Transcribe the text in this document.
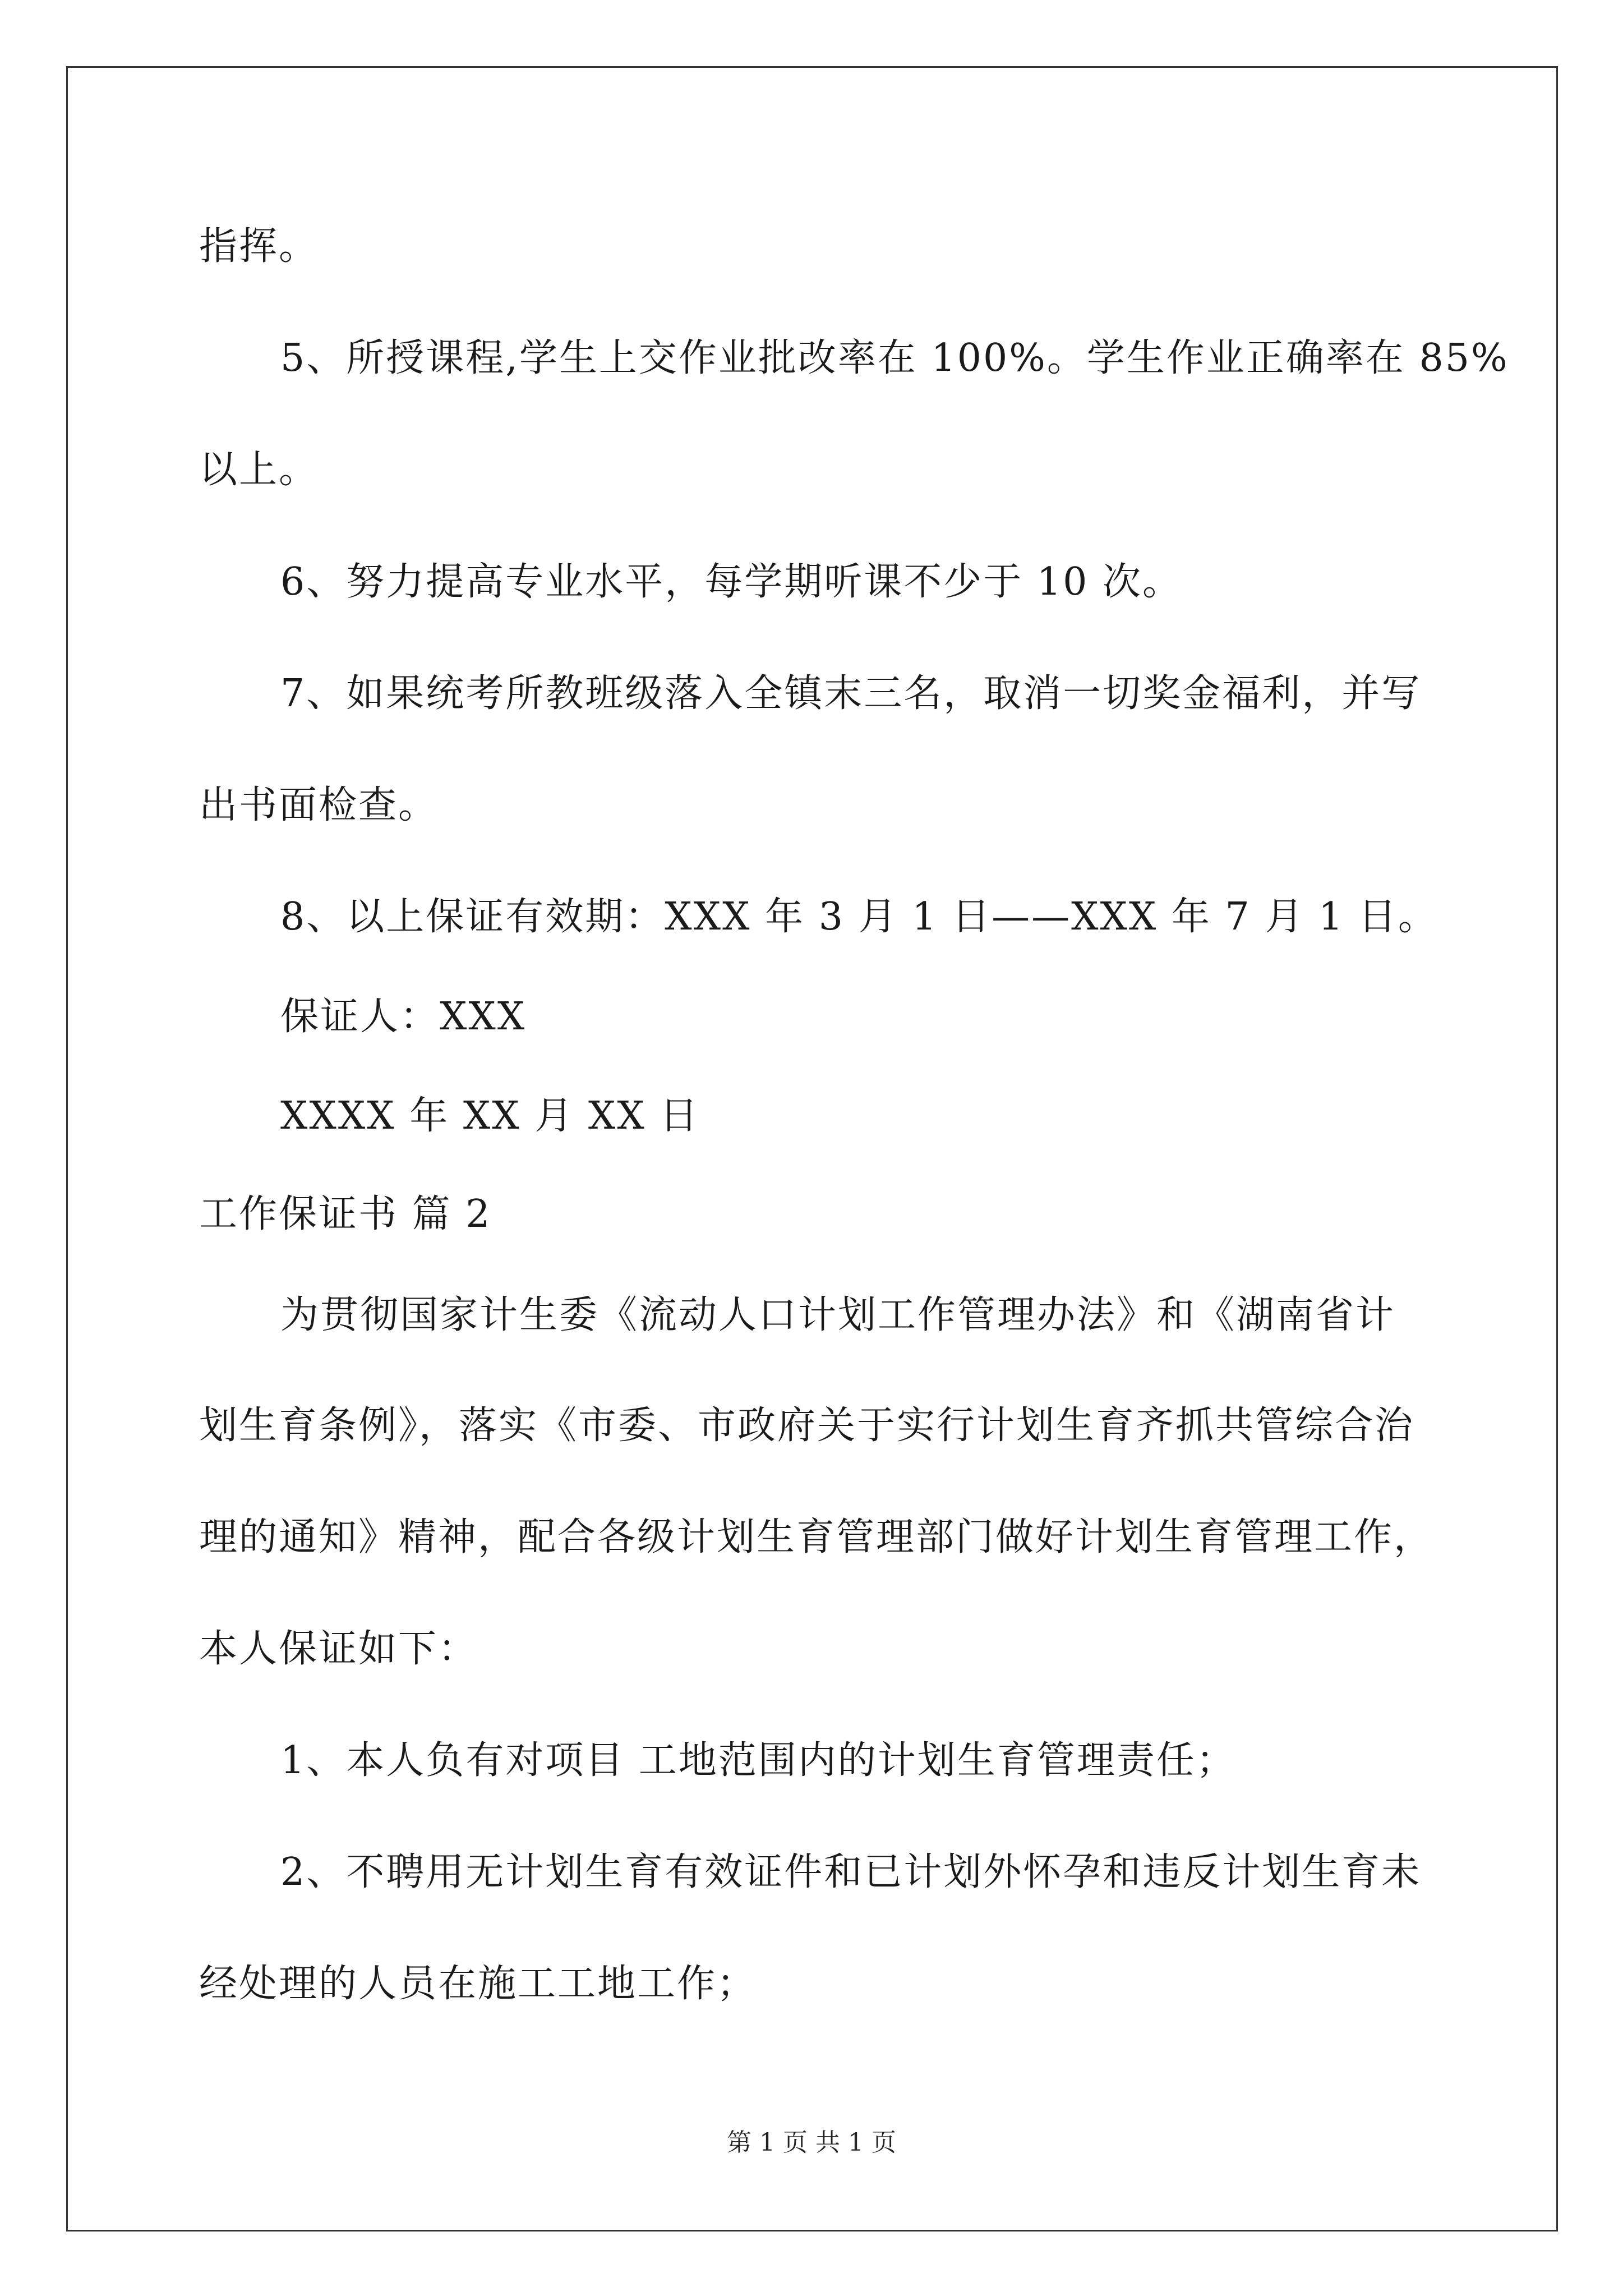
指挥。
5、所授课程,学生上交作业批改率在 100%。学生作业正确率在 85%
以上。
6、努力提高专业水平，每学期听课不少于 10 次。
7、如果统考所教班级落入全镇末三名，取消一切奖金福利，并写
出书面检查。
8、以上保证有效期：XXX 年 3 月 1 日——XXX 年 7 月 1 日。
保证人：XXX
XXXX 年 XX 月 XX 日
工作保证书 篇 2
为贯彻国家计生委《流动人口计划工作管理办法》和《湖南省计
划生育条例》，落实《市委、市政府关于实行计划生育齐抓共管综合治
理的通知》精神，配合各级计划生育管理部门做好计划生育管理工作，
本人保证如下：
1、本人负有对项目 工地范围内的计划生育管理责任；
2、不聘用无计划生育有效证件和已计划外怀孕和违反计划生育未
经处理的人员在施工工地工作；
第 1 页 共 1 页
